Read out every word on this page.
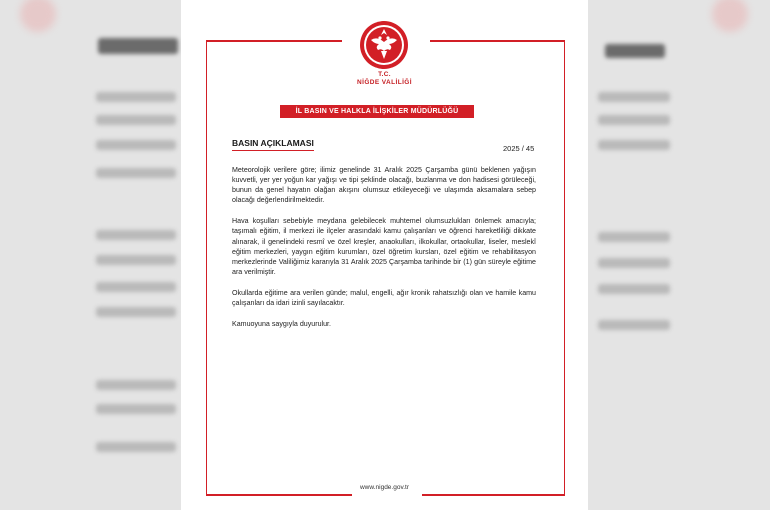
T.C.
NİĞDE VALİLİĞİ
İL BASIN VE HALKLA İLİŞKİLER MÜDÜRLÜĞÜ
BASIN AÇIKLAMASI
2025 / 45

Meteorolojik verilere göre; ilimiz genelinde 31 Aralık 2025 Çarşamba günü beklenen yağışın kuvvetli, yer yer yoğun kar yağışı ve tipi şeklinde olacağı, buzlanma ve don hadisesi görüleceği, bunun da genel hayatın olağan akışını olumsuz etkileyeceği ve ulaşımda aksamalara sebep olacağı değerlendirilmektedir.

Hava koşulları sebebiyle meydana gelebilecek muhtemel olumsuzlukları önlemek amacıyla; taşımalı eğitim, il merkezi ile ilçeler arasındaki kamu çalışanları ve öğrenci hareketliliği dikkate alınarak, il genelindeki resmî ve özel kreşler, anaokulları, ilkokullar, ortaokullar, liseler, meslekî eğitim merkezleri, yaygın eğitim kurumları, özel öğretim kursları, özel eğitim ve rehabilitasyon merkezlerinde Valiliğimiz kararıyla 31 Aralık 2025 Çarşamba tarihinde bir (1) gün süreyle eğitime ara verilmiştir.

Okullarda eğitime ara verilen günde; malul, engelli, ağır kronik rahatsızlığı olan ve hamile kamu çalışanları da idari izinli sayılacaktır.

Kamuoyuna saygıyla duyurulur.

www.nigde.gov.tr
